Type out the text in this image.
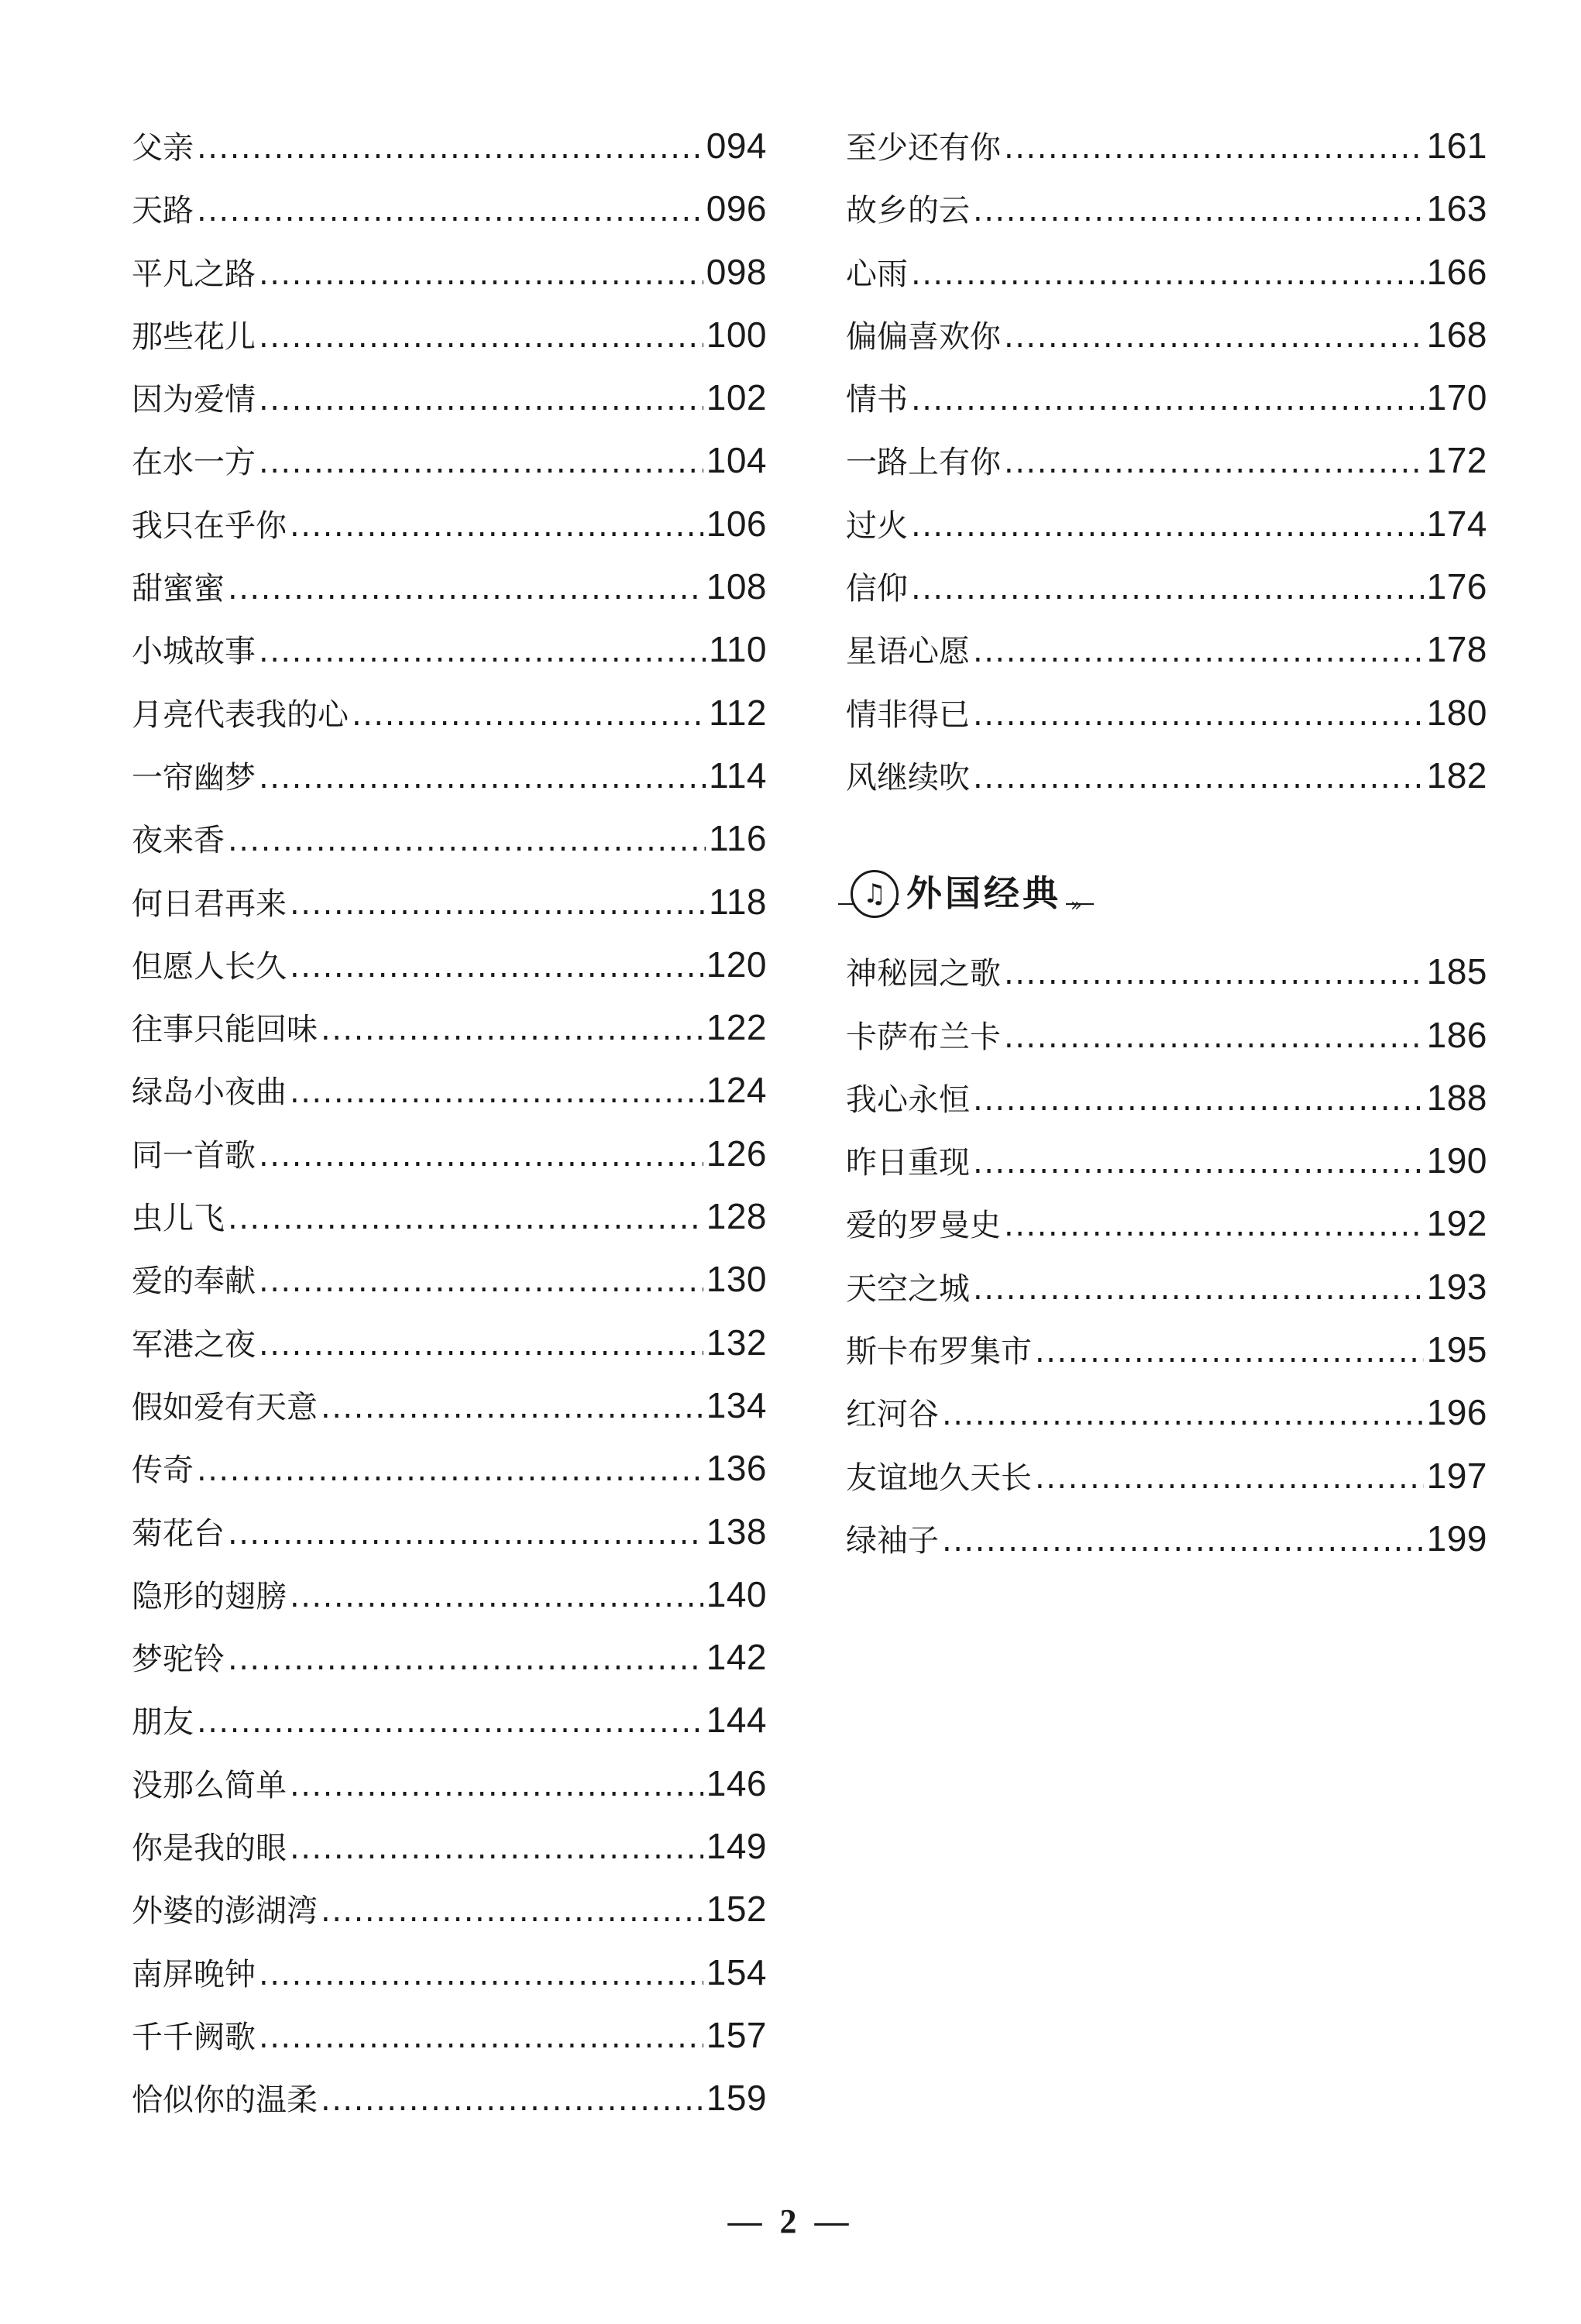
父亲 .....	094
天路 .....	096
平凡之路 .....	098
那些花儿 .....	100
因为爱情 .....	102
在水一方 .....	104
我只在乎你 .....	106
甜蜜蜜 .....	108
小城故事 .....	110
月亮代表我的心 .....	112
一帘幽梦 .....	114
夜来香 .....	116
何日君再来 .....	118
但愿人长久 .....	120
往事只能回味 .....	122
绿岛小夜曲 .....	124
同一首歌 .....	126
虫儿飞 .....	128
爱的奉献 .....	130
军港之夜 .....	132
假如爱有天意 .....	134
传奇 .....	136
菊花台 .....	138
隐形的翅膀 .....	140
梦驼铃 .....	142
朋友 .....	144
没那么简单 .....	146
你是我的眼 .....	149
外婆的澎湖湾 .....	152
南屏晚钟 .....	154
千千阙歌 .....	157
恰似你的温柔 .....	159
至少还有你 .....	161
故乡的云 .....	163
心雨 .....	166
偏偏喜欢你 .....	168
情书 .....	170
一路上有你 .....	172
过火 .....	174
信仰 .....	176
星语心愿 .....	178
情非得已 .....	180
风继续吹 .....	182
♫ 外国经典 »
神秘园之歌 .....	185
卡萨布兰卡 .....	186
我心永恒 .....	188
昨日重现 .....	190
爱的罗曼史 .....	192
天空之城 .....	193
斯卡布罗集市 .....	195
红河谷 .....	196
友谊地久天长 .....	197
绿袖子 .....	199
— 2 —
